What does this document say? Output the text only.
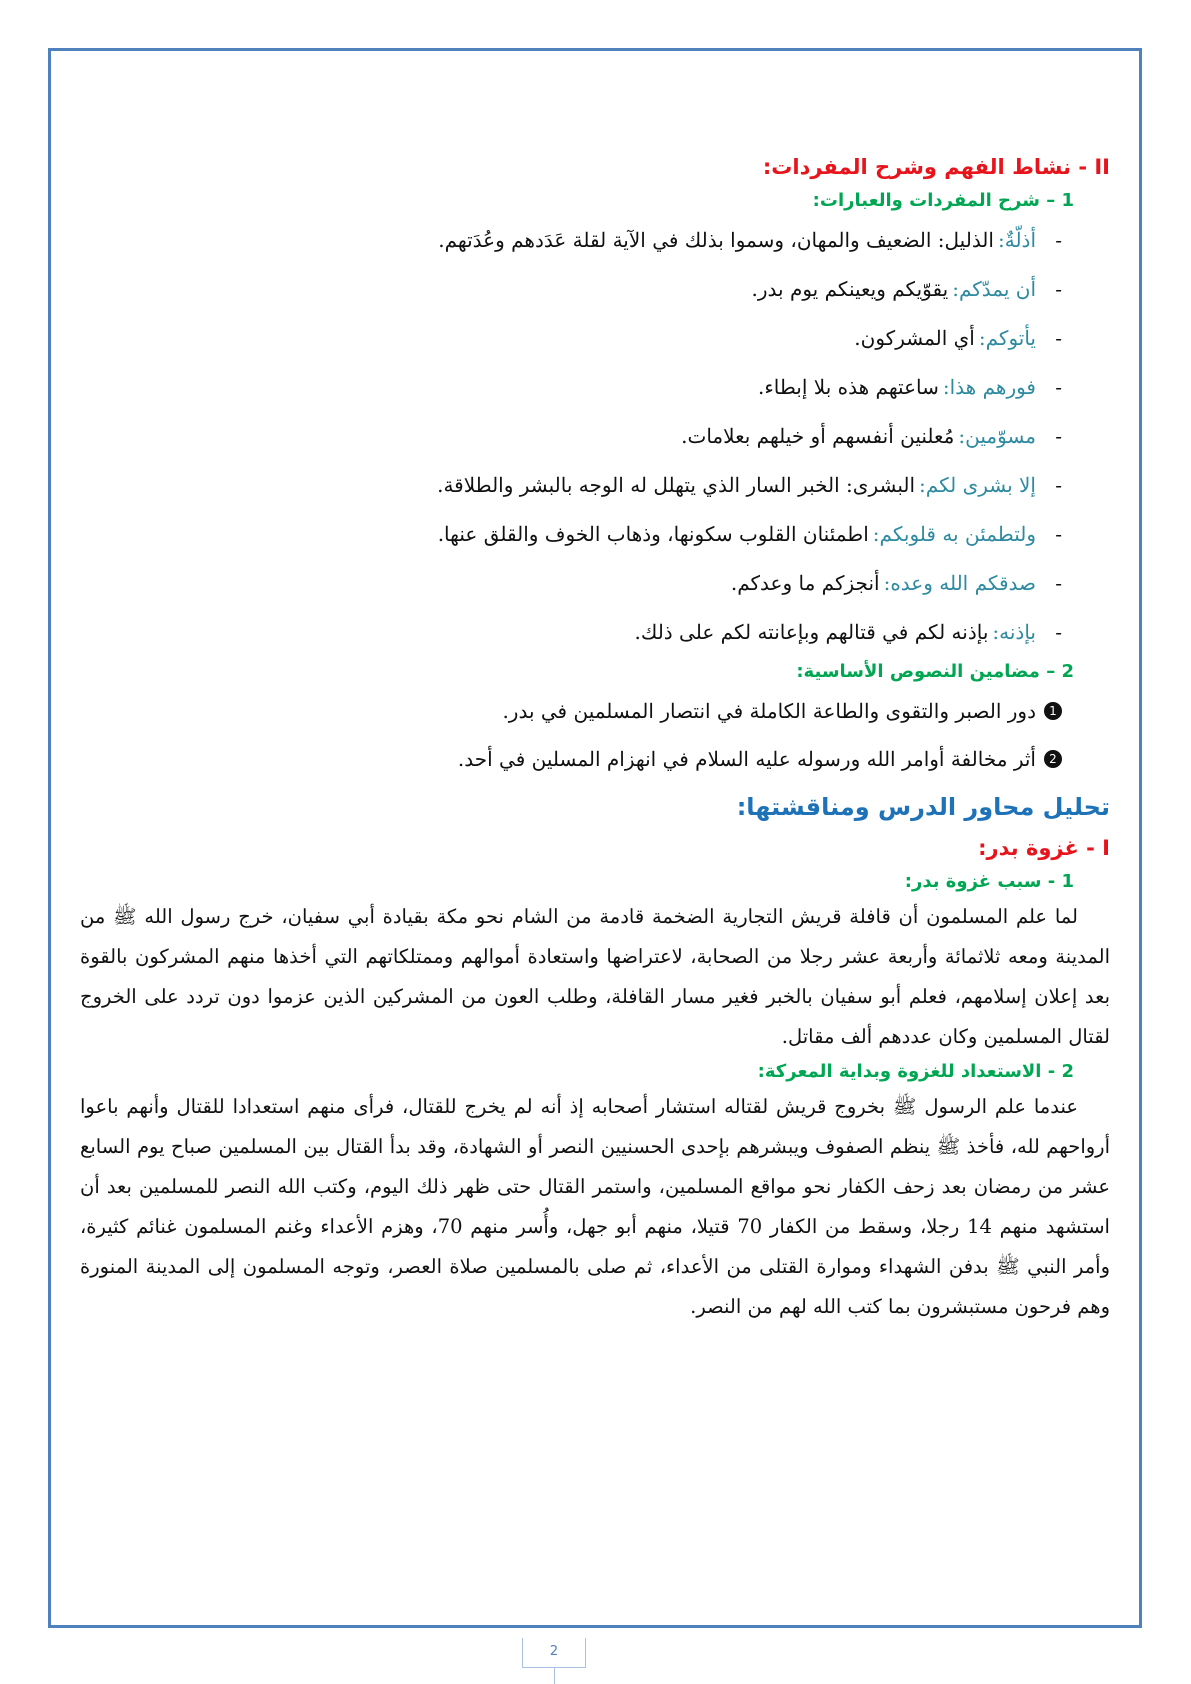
II - نشاط الفهم وشرح المفردات:
1 – شرح المفردات والعبارات:
-
أذلّةٌ
:
الذليل: الضعيف والمهان، وسموا بذلك في الآية لقلة عَدَدهم وعُدَتهم.
-
أن يمدّكم
:
يقوّيكم ويعينكم يوم بدر.
-
يأتوكم
:
أي المشركون.
-
فورهم هذا
:
ساعتهم هذه بلا إبطاء.
-
مسوّمين
:
مُعلنين أنفسهم أو خيلهم بعلامات.
-
إلا بشرى لكم
:
البشرى: الخبر السار الذي يتهلل له الوجه بالبشر والطلاقة.
-
ولتطمئن به قلوبكم
:
اطمئنان القلوب سكونها، وذهاب الخوف والقلق عنها.
-
صدقكم الله وعده
:
أنجزكم ما وعدكم.
-
بإذنه
:
بإذنه لكم في قتالهم وبإعانته لكم على ذلك.
2 – مضامين النصوص الأساسية:
1
دور الصبر والتقوى والطاعة الكاملة في انتصار المسلمين في بدر.
2
أثر مخالفة أوامر الله ورسوله عليه السلام في انهزام المسلين في أحد.
تحليل محاور الدرس ومناقشتها:
I - غزوة بدر:
1 - سبب غزوة بدر:

لما علم المسلمون أن قافلة قريش التجارية الضخمة قادمة من الشام نحو مكة بقيادة أبي سفيان، خرج رسول الله ﷺ من المدينة ومعه ثلاثمائة وأربعة عشر رجلا من الصحابة، لاعتراضها واستعادة أموالهم وممتلكاتهم التي أخذها منهم المشركون بالقوة بعد إعلان إسلامهم، فعلم أبو سفيان بالخبر فغير مسار القافلة، وطلب العون من المشركين الذين عزموا دون تردد على الخروج لقتال المسلمين وكان عددهم ألف مقاتل.

2 - الاستعداد للغزوة وبداية المعركة:

عندما علم الرسول ﷺ بخروج قريش لقتاله استشار أصحابه إذ أنه لم يخرج للقتال، فرأى منهم استعدادا للقتال وأنهم باعوا أرواحهم لله، فأخذ ﷺ ينظم الصفوف ويبشرهم بإحدى الحسنيين النصر أو الشهادة، وقد بدأ القتال بين المسلمين صباح يوم السابع عشر من رمضان بعد زحف الكفار نحو مواقع المسلمين، واستمر القتال حتى ظهر ذلك اليوم، وكتب الله النصر للمسلمين بعد أن استشهد منهم 14 رجلا، وسقط من الكفار 70 قتيلا، منهم أبو جهل، وأُسر منهم 70، وهزم الأعداء وغنم المسلمون غنائم كثيرة، وأمر النبي ﷺ بدفن الشهداء وموارة القتلى من الأعداء، ثم صلى بالمسلمين صلاة العصر، وتوجه المسلمون إلى المدينة المنورة وهم فرحون مستبشرون بما كتب الله لهم من النصر.

2
